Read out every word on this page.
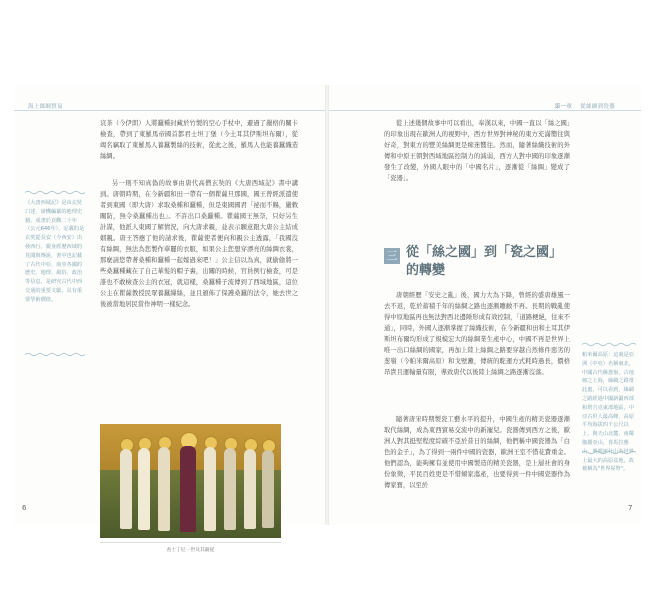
海上絲綢貿易	第一章 從絲綢到瓷器
哀茶（今伊朗）人將蠶種封藏於竹製的空心手杖中，避過了嚴格的關卡檢查，帶到了東羅馬帝國首都君士坦丁堡（今土耳其伊斯坦布爾），從竭名竊取了東羅馬人養蠶製絲的技術，從此之後，羅馬人也能養蠶織造絲綢。
另一則不知真偽的故事由唐代高僧玄奘的《大唐西域記》書中講到。唐朝時期，在今新疆和田一帶有一個瞿薩旦那國，國王曾經派遣使者到東國（即大唐）求取桑種和蠶種，但是東國國君「祕而不賜，嚴敕關防，無令桑蠶種出也」。不許出口桑蠶種。瞿薩國王無奈，只好另生計謀，他派人東國了解情況，向大唐求親，並表示願意跟大唐公主結成姻親。唐王答應了他的請求後，瞿薩使者便向和親公主透露，「我國沒有絲綢，無法為您製作華麗的衣服，如果公主您想穿漂亮的絲綢衣裳，那麼請您帶著桑種和蠶種一起嫁過來吧！」公主信以為真，就偷偷將一些桑蠶種藏在了自己華髮的帽子裏，出關的時候，官員例行檢查，可是誰也不敢檢查公主的衣冠，就這樣，桑蠶種子流傳到了西域地區，這位公主在瞿薩教授民眾養蠶繅絲，並且頒佈了保護桑蠶的法令，她去世之後被當地居民當作神明一樣紀念。
《大唐西域記》是由玄奘口述，辯機編纂的地理史籍，成書於貞觀二十年（公元646年），記載的是玄奘從長安（今西安）出發西行，親身經歷西域的見聞與傳說，書中也記載了古代中亞、南亞各國的歷史、地理、風俗、政治等信息，是研究古代中西交通的重要文獻，具有重要學術價值。
查士丁尼一世及其隨從
6
從上述幾個故事中可以看出，奉漢以來，中國一直以「絲之國」的印象出現在歐洲人的視野中，西方世界對神秘的東方充滿嚮往與好奇，對東方的豐美絲綢更是痴迷嚮往。然而，隨著絲織技術的外傳和中原王朝對西域地區控制力的減弱，西方人對中國的印象逐漸發生了改變，外國人眼中的「中國名片」，逐漸從「絲綢」變成了「瓷器」。
三 從「絲之國」到「瓷之國」
的轉變
唐朝經歷「安史之亂」後，國力大為下降，曾經的盛唐雄風一去不返，乾於蓄積千年的絲綢之路也逐漸雕敝不再。長期的戰亂使得中原地區再也無法對西北邊陲形成有效控制，「道路梗絕，往來不通」，同時，外國人逐漸掌握了絲織技術，在今新疆和田和土耳其伊斯坦布爾均形成了規模宏大的絲綢業生產中心，中國不再是世界上唯一出口絲綢的國家，再加上陸上絲綢之路要穿越自然條件惡劣的葱嶺（今帕米爾高原）和戈壁灘，傳統的駝運方式耗時過長，價格昂貴且運輸量有限，導致唐代以後陸上絲綢之路逐漸沒落。
隨著唐宋時期製瓷工藝水平的提升，中國生產的精美瓷器逐漸取代絲綢，成為東西貿易交流中的新寵兒。瓷器傳到西方之後，歐洲人對其挺堅程度綜確不亞於昔日的絲綢，他們稱中國瓷器為「白色的金子」，為了得到一兩件中國的瓷器，歐洲王室不惜花費重金。他們認為，能夠擁有並使用中國製造的精美瓷器，是上層社會的身份象徵，平民百姓更是不惜傾家蕩產，也要得到一件中國瓷器作為傳家寶，以至於
帕米爾高原：這裏是亞洲（中亞）名稱東北，中國古代稱葱嶺，古地線之上海，絲綢之路當此處，可以看到，絲綢之路經過中國新疆西部和塔吉克東部地區，中亞古坦人最高峰，高原平均海拔四千公尺以上，與天山北麓，南鄰伽麗亞山，喜馬拉雅山、興都庫什山為世界上最大的高原盆地，故被稱為"世界屋脊"。
7
